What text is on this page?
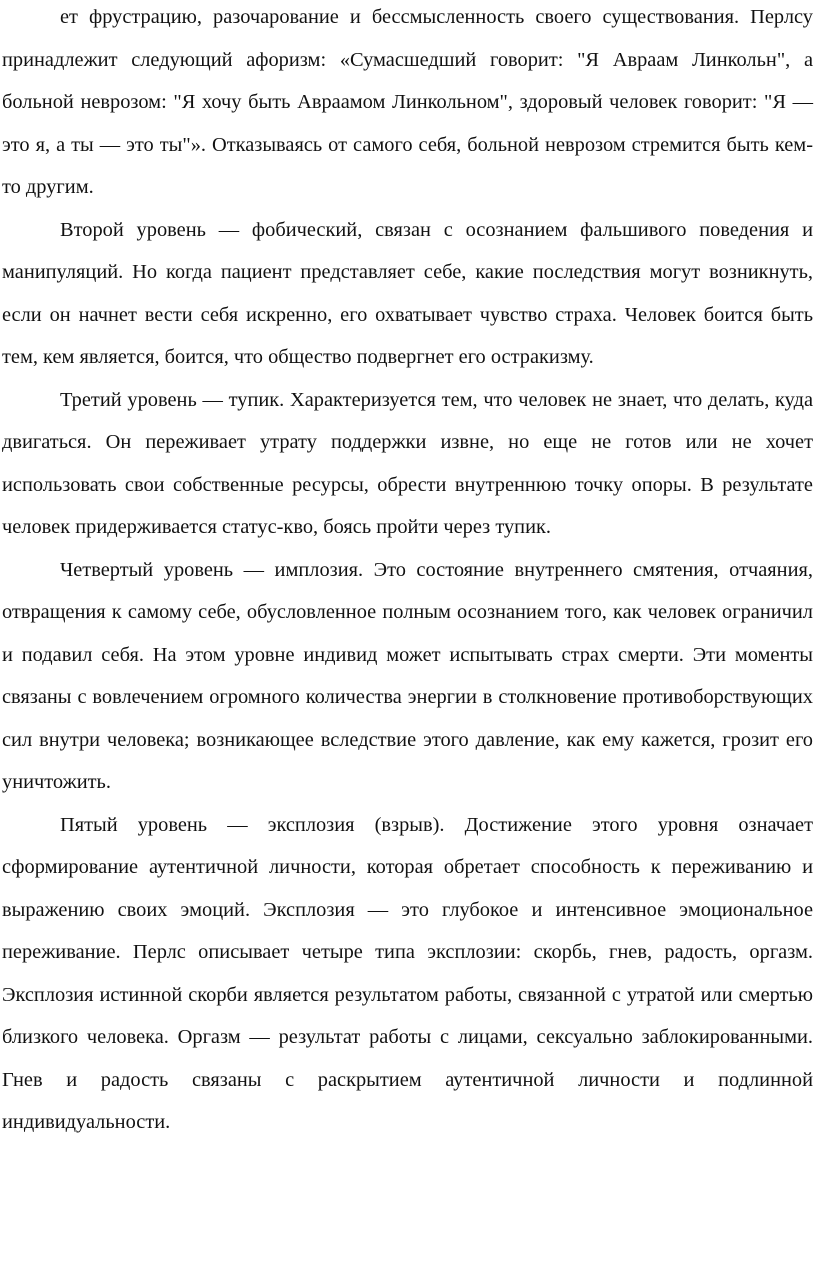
ет фрустрацию, разочарование и бессмысленность своего существования. Перлсу принадлежит следующий афоризм: «Сумасшедший говорит: "Я Авраам Линкольн", а больной неврозом: "Я хочу быть Авраамом Линкольном", здоровый человек говорит: "Я — это я, а ты — это ты"». Отказываясь от самого себя, больной неврозом стремится быть кем-то другим.

Второй уровень — фобический, связан с осознанием фальшивого поведения и манипуляций. Но когда пациент представляет себе, какие последствия могут возникнуть, если он начнет вести себя искренно, его охватывает чувство страха. Человек боится быть тем, кем является, боится, что общество подвергнет его остракизму.

Третий уровень — тупик. Характеризуется тем, что человек не знает, что делать, куда двигаться. Он переживает утрату поддержки извне, но еще не готов или не хочет использовать свои собственные ресурсы, обрести внутреннюю точку опоры. В результате человек придерживается статус-кво, боясь пройти через тупик.

Четвертый уровень — имплозия. Это состояние внутреннего смятения, отчаяния, отвращения к самому себе, обусловленное полным осознанием того, как человек ограничил и подавил себя. На этом уровне индивид может испытывать страх смерти. Эти моменты связаны с вовлечением огромного количества энергии в столкновение противоборствующих сил внутри человека; возникающее вследствие этого давление, как ему кажется, грозит его уничтожить.

Пятый уровень — эксплозия (взрыв). Достижение этого уровня означает сформирование аутентичной личности, которая обретает способность к переживанию и выражению своих эмоций. Эксплозия — это глубокое и интенсивное эмоциональное переживание. Перлс описывает четыре типа эксплозии: скорбь, гнев, радость, оргазм. Эксплозия истинной скорби является результатом работы, связанной с утратой или смертью близкого человека. Оргазм — результат работы с лицами, сексуально заблокированными. Гнев и радость связаны с раскрытием аутентичной личности и подлинной индивидуальности.
